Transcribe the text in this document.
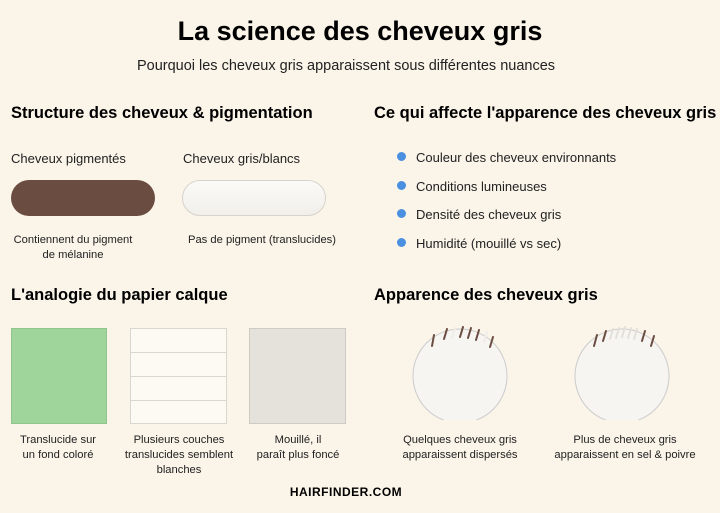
La science des cheveux gris
Pourquoi les cheveux gris apparaissent sous différentes nuances
Structure des cheveux & pigmentation
Cheveux pigmentés	Cheveux gris/blancs
Contiennent du pigment
de mélanine
Pas de pigment (translucides)
Ce qui affecte l'apparence des cheveux gris
Couleur des cheveux environnants
Conditions lumineuses
Densité des cheveux gris
Humidité (mouillé vs sec)
L'analogie du papier calque
Translucide sur
un fond coloré
Plusieurs couches
translucides semblent
blanches
Mouillé, il
paraît plus foncé
Apparence des cheveux gris
Quelques cheveux gris
apparaissent dispersés
Plus de cheveux gris
apparaissent en sel & poivre
HAIRFINDER.COM
